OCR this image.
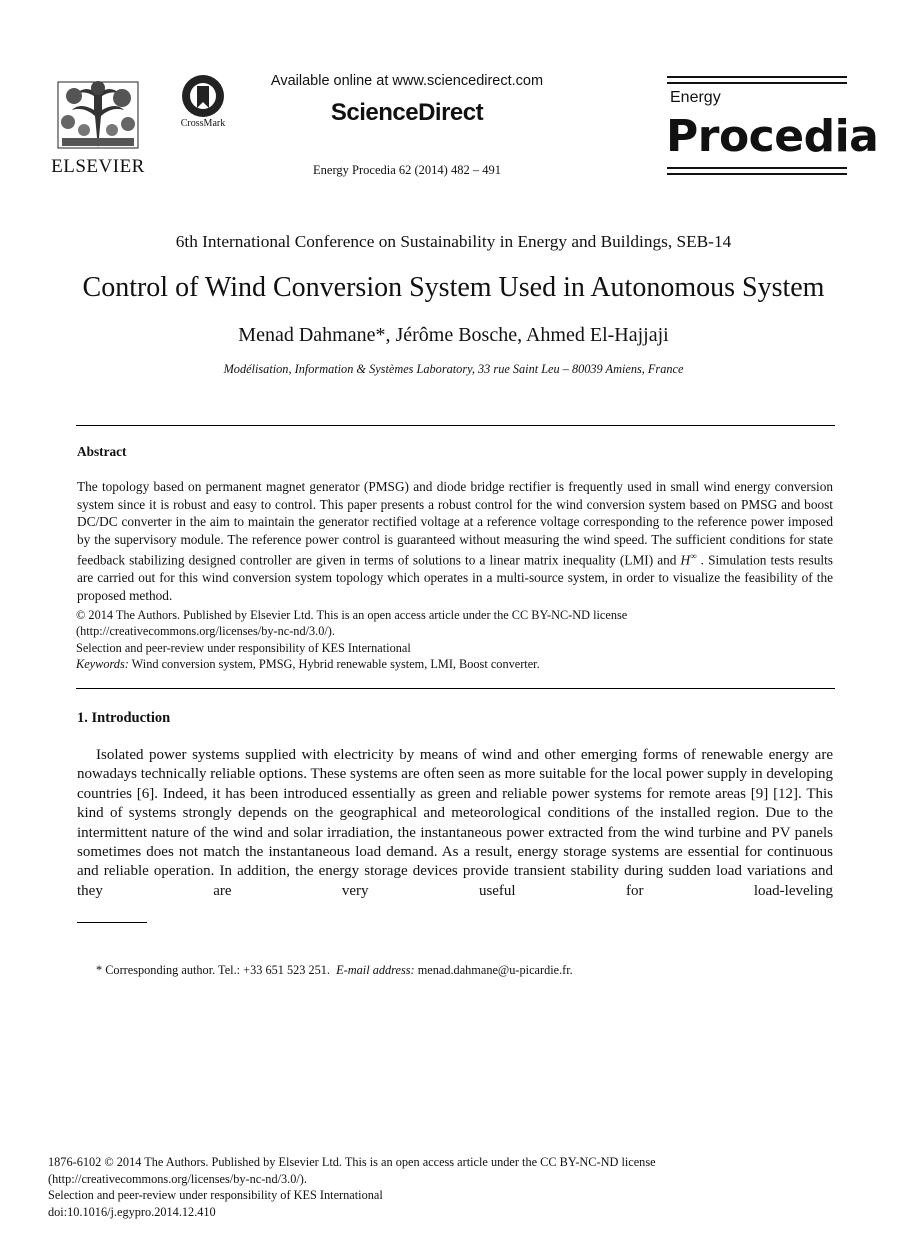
ELSEVIER
CrossMark
Available online at www.sciencedirect.com
ScienceDirect
Energy Procedia 62 (2014) 482 – 491
Energy
Procedia
6th International Conference on Sustainability in Energy and Buildings, SEB-14
Control of Wind Conversion System Used in Autonomous System
Menad Dahmane*, Jérôme Bosche, Ahmed El-Hajjaji
Modélisation, Information & Systèmes Laboratory, 33 rue Saint Leu – 80039 Amiens, France
Abstract
The topology based on permanent magnet generator (PMSG) and diode bridge rectifier is frequently used in small wind energy conversion system since it is robust and easy to control. This paper presents a robust control for the wind conversion system based on PMSG and boost DC/DC converter in the aim to maintain the generator rectified voltage at a reference voltage corresponding to the reference power imposed by the supervisory module. The reference power control is guaranteed without measuring the wind speed. The sufficient conditions for state feedback stabilizing designed controller are given in terms of solutions to a linear matrix inequality (LMI) and H∞ . Simulation tests results are carried out for this wind conversion system topology which operates in a multi-source system, in order to visualize the feasibility of the proposed method.
© 2014 The Authors. Published by Elsevier Ltd. This is an open access article under the CC BY-NC-ND license
(http://creativecommons.org/licenses/by-nc-nd/3.0/).
Selection and peer-review under responsibility of KES International
Keywords: Wind conversion system, PMSG, Hybrid renewable system, LMI, Boost converter.
1. Introduction
Isolated power systems supplied with electricity by means of wind and other emerging forms of renewable energy are nowadays technically reliable options. These systems are often seen as more suitable for the local power supply in developing countries [6]. Indeed, it has been introduced essentially as green and reliable power systems for remote areas [9] [12]. This kind of systems strongly depends on the geographical and meteorological conditions of the installed region. Due to the intermittent nature of the wind and solar irradiation, the instantaneous power extracted from the wind turbine and PV panels sometimes does not match the instantaneous load demand. As a result, energy storage systems are essential for continuous and reliable operation. In addition, the energy storage devices provide transient stability during sudden load variations and they are very useful for load-leveling
* Corresponding author. Tel.: +33 651 523 251. E-mail address: menad.dahmane@u-picardie.fr.
1876-6102 © 2014 The Authors. Published by Elsevier Ltd. This is an open access article under the CC BY-NC-ND license
(http://creativecommons.org/licenses/by-nc-nd/3.0/).
Selection and peer-review under responsibility of KES International
doi:10.1016/j.egypro.2014.12.410
